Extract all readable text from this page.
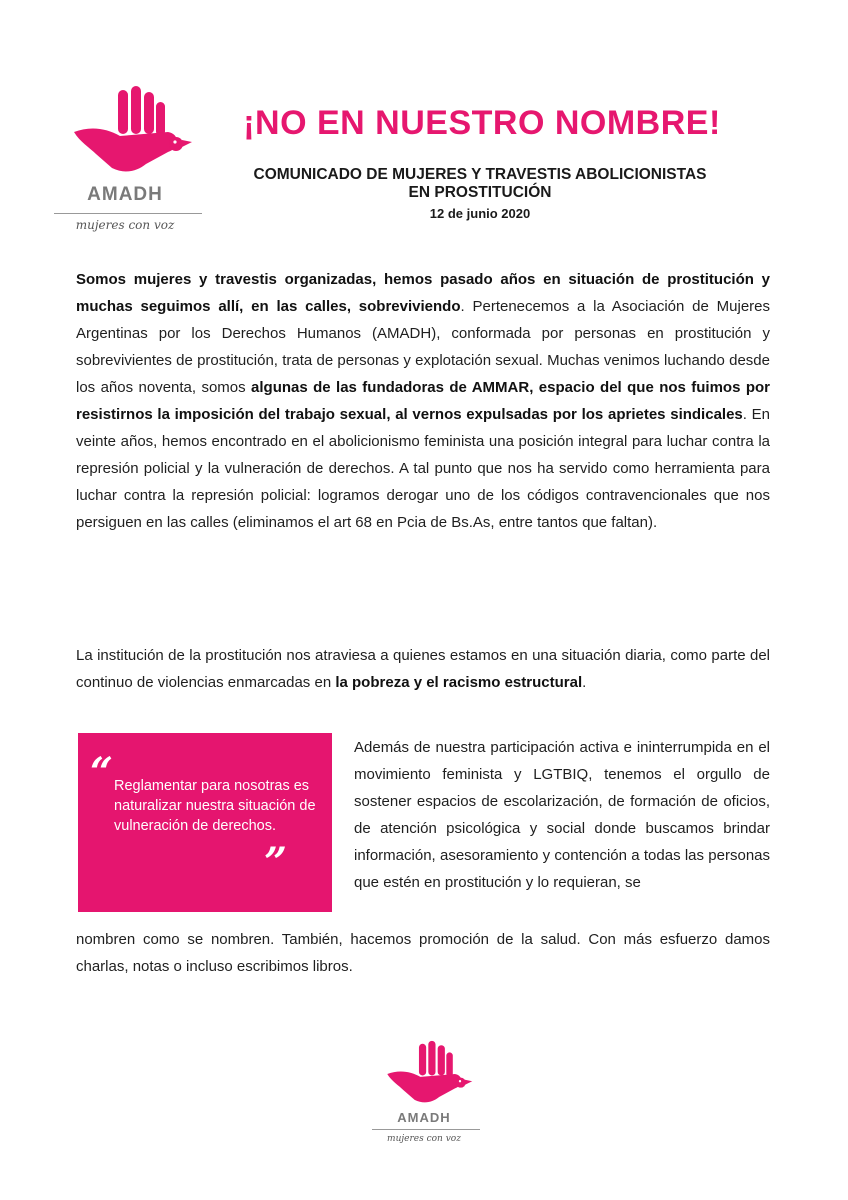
AMADH
mujeres con voz
¡NO EN NUESTRO NOMBRE!
COMUNICADO DE MUJERES Y TRAVESTIS ABOLICIONISTAS
EN PROSTITUCIÓN
12 de junio 2020

Somos mujeres y travestis organizadas, hemos pasado años en situación de prostitución y muchas seguimos allí, en las calles, sobreviviendo. Pertenecemos a la Asociación de Mujeres Argentinas por los Derechos Humanos (AMADH), conformada por personas en prostitución y sobrevivientes de prostitución, trata de personas y explotación sexual. Muchas venimos luchando desde los años noventa, somos algunas de las fundadoras de AMMAR, espacio del que nos fuimos por resistirnos la imposición del trabajo sexual, al vernos expulsadas por los aprietes sindicales. En veinte años, hemos encontrado en el abolicionismo feminista una posición integral para luchar contra la represión policial y la vulneración de derechos. A tal punto que nos ha servido como herramienta para luchar contra la represión policial: logramos derogar uno de los códigos contravencionales que nos persiguen en las calles (eliminamos el art 68 en Pcia de Bs.As, entre tantos que faltan).

La institución de la prostitución nos atraviesa a quienes estamos en una situación diaria, como parte del continuo de violencias enmarcadas en la pobreza y el racismo estructural.

“ Reglamentar para nosotras es naturalizar nuestra situación de vulneración de derechos.
”

Además de nuestra participación activa e ininterrumpida en el movimiento feminista y LGTBIQ, tenemos el orgullo de sostener espacios de escolarización, de formación de oficios, de atención psicológica y social donde buscamos brindar información, asesoramiento y contención a todas las personas que estén en prostitución y lo requieran, se

nombren como se nombren. También, hacemos promoción de la salud. Con más esfuerzo damos charlas, notas o incluso escribimos libros.

AMADH
mujeres con voz
